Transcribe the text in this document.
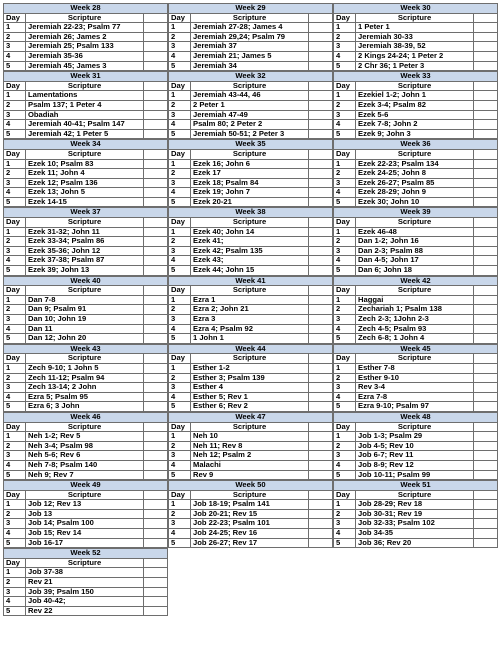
Week 28		
Day	Scripture	
1	Jeremiah 22-23; Psalm 77	
2	Jeremiah 26; James 2	
3	Jeremiah 25; Psalm 133	
4	Jeremiah 35-36	
5	Jeremiah 45; James 3	
Week 29		
Day	Scripture	
1	Jeremiah 27-28; James 4	
2	Jeremiah 29,24; Psalm 79	
3	Jeremiah 37	
4	Jeremiah 21; James 5	
5	Jeremiah 34	
Week 30		
Day	Scripture	
1	1 Peter 1	
2	Jeremiah 30-33	
3	Jeremiah 38-39, 52	
4	2 Kings 24-24; 1 Peter 2	
5	2 Chr 36; 1 Peter 3	
Week 31		
Day	Scripture	
1	Lamentations	
2	Psalm 137; 1 Peter 4	
3	Obadiah	
4	Jeremiah 40-41; Psalm 147	
5	Jeremiah 42; 1 Peter 5	
Week 32		
Day	Scripture	
1	Jeremiah 43-44, 46	
2	2 Peter 1	
3	Jeremiah 47-49	
4	Psalm 80; 2 Peter 2	
5	Jeremiah 50-51; 2 Peter 3	
Week 33		
Day	Scripture	
1	Ezekiel 1-2; John 1	
2	Ezek 3-4; Psalm 82	
3	Ezek 5-6	
4	Ezek 7-8; John 2	
5	Ezek 9; John 3	
Week 34		
Day	Scripture	
1	Ezek 10; Psalm 83	
2	Ezek 11; John 4	
3	Ezek 12; Psalm 136	
4	Ezek 13; John 5	
5	Ezek 14-15	
Week 35		
Day	Scripture	
1	Ezek 16; John 6	
2	Ezek 17	
3	Ezek 18; Psalm 84	
4	Ezek 19; John 7	
5	Ezek 20-21	
Week 36		
Day	Scripture	
1	Ezek 22-23; Psalm 134	
2	Ezek 24-25; John 8	
3	Ezek 26-27; Psalm 85	
4	Ezek 28-29; John 9	
5	Ezek 30; John 10	
Week 37		
Day	Scripture	
1	Ezek 31-32; John 11	
2	Ezek 33-34; Psalm 86	
3	Ezek 35-36; John 12	
4	Ezek 37-38; Psalm 87	
5	Ezek 39; John 13	
Week 38		
Day	Scripture	
1	Ezek 40; John 14	
2	Ezek 41;	
3	Ezek 42; Psalm 135	
4	Ezek 43;	
5	Ezek 44; John 15	
Week 39		
Day	Scripture	
1	Ezek 46-48	
2	Dan 1-2; John 16	
3	Dan 2-3; Psalm 88	
4	Dan 4-5; John 17	
5	Dan 6; John 18	
Week 40		
Day	Scripture	
1	Dan 7-8	
2	Dan 9; Psalm 91	
3	Dan 10; John 19	
4	Dan 11	
5	Dan 12; John 20	
Week 41		
Day	Scripture	
1	Ezra 1	
2	Ezra 2; John 21	
3	Ezra 3	
4	Ezra 4; Psalm 92	
5	1 John 1	
Week 42		
Day	Scripture	
1	Haggai	
2	Zechariah 1; Psalm 138	
3	Zech 2-3; 1John 2-3	
4	Zech 4-5; Psalm 93	
5	Zech 6-8; 1 John 4	
Week 43		
Day	Scripture	
1	Zech 9-10; 1 John 5	
2	Zech 11-12; Psalm 94	
3	Zech 13-14; 2 John	
4	Ezra 5; Psalm 95	
5	Ezra 6; 3 John	
Week 44		
Day	Scripture	
1	Esther 1-2	
2	Esther 3; Psalm 139	
3	Esther 4	
4	Esther 5; Rev 1	
5	Esther 6; Rev 2	
Week 45		
Day	Scripture	
1	Esther 7-8	
2	Esther 9-10	
3	Rev 3-4	
4	Ezra 7-8	
5	Ezra 9-10; Psalm 97	
Week 46		
Day	Scripture	
1	Neh 1-2; Rev 5	
2	Neh 3-4; Psalm 98	
3	Neh 5-6; Rev 6	
4	Neh 7-8; Psalm 140	
5	Neh 9; Rev 7	
Week 47		
Day	Scripture	
1	Neh 10	
2	Neh 11; Rev 8	
3	Neh 12; Psalm 2	
4	Malachi	
5	Rev 9	
Week 48		
Day	Scripture	
1	Job 1-3; Psalm 29	
2	Job 4-5; Rev 10	
3	Job 6-7; Rev 11	
4	Job 8-9; Rev 12	
5	Job 10-11; Psalm 99	
Week 49		
Day	Scripture	
1	Job 12; Rev 13	
2	Job 13	
3	Job 14; Psalm 100	
4	Job 15; Rev 14	
5	Job 16-17	
Week 50		
Day	Scripture	
1	Job 18-19; Psalm 141	
2	Job 20-21; Rev 15	
3	Job 22-23; Psalm 101	
4	Job 24-25; Rev 16	
5	Job 26-27; Rev 17	
Week 51		
Day	Scripture	
1	Job 28-29; Rev 18	
2	Job 30-31; Rev 19	
3	Job 32-33; Psalm 102	
4	Job 34-35	
5	Job 36; Rev 20	
Week 52		
Day	Scripture	
1	Job 37-38	
2	Rev 21	
3	Job 39; Psalm 150	
4	Job 40-42;	
5	Rev 22	
